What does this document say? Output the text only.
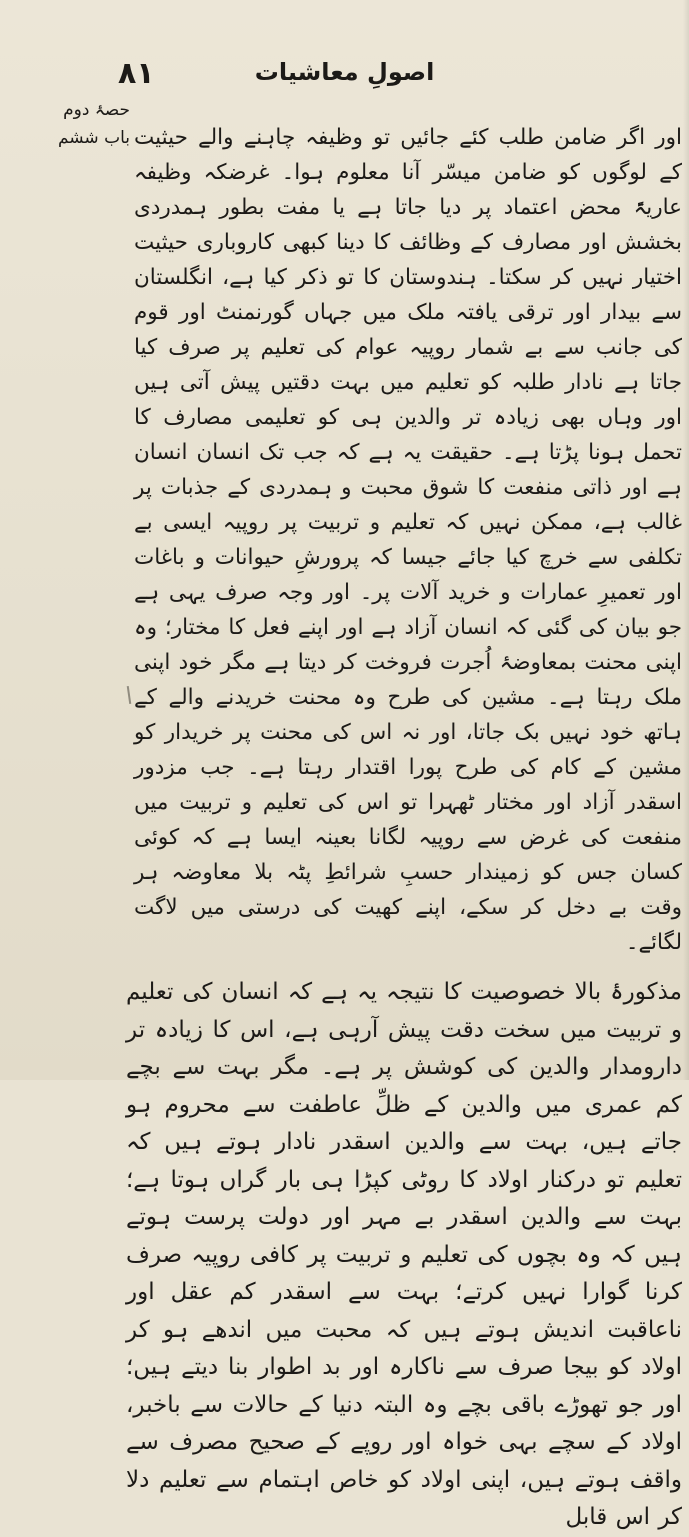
۸۱	اصولِ معاشیات
حصۂ دوم
باب ششم اور اگر ضامن طلب کئے جائیں تو وظیفہ چاہنے والے حیثیت کے لوگوں کو ضامن میسّر آنا معلوم ہوا۔ غرضکہ وظیفہ عاریۃً محض اعتماد پر دیا جاتا ہے یا مفت بطور ہمدردی بخشش اور مصارف کے وظائف کا دینا کبھی کاروباری حیثیت اختیار نہیں کر سکتا۔ ہندوستان کا تو ذکر کیا ہے، انگلستان سے بیدار اور ترقی یافتہ ملک میں جہاں گورنمنٹ اور قوم کی جانب سے بے شمار روپیہ عوام کی تعلیم پر صرف کیا جاتا ہے نادار طلبہ کو تعلیم میں بہت دقتیں پیش آتی ہیں اور وہاں بھی زیادہ تر والدین ہی کو تعلیمی مصارف کا تحمل ہونا پڑتا ہے۔ حقیقت یہ ہے کہ جب تک انسان انسان ہے اور ذاتی منفعت کا شوق محبت و ہمدردی کے جذبات پر غالب ہے، ممکن نہیں کہ تعلیم و تربیت پر روپیہ ایسی بے تکلفی سے خرچ کیا جائے جیسا کہ پرورشِ حیوانات و باغات اور تعمیرِ عمارات و خرید آلات پر۔ اور وجہ صرف یہی ہے جو بیان کی گئی کہ انسان آزاد ہے اور اپنے فعل کا مختار؛ وہ اپنی محنت بمعاوضۂ اُجرت فروخت کر دیتا ہے مگر خود اپنی ملک رہتا ہے۔ مشین کی طرح وہ محنت خریدنے والے کے ہاتھ خود نہیں بک جاتا، اور نہ اس کی محنت پر خریدار کو مشین کے کام کی طرح پورا اقتدار رہتا ہے۔ جب مزدور اسقدر آزاد اور مختار ٹھہرا تو اس کی تعلیم و تربیت میں منفعت کی غرض سے روپیہ لگانا بعینہ ایسا ہے کہ کوئی کسان جس کو زمیندار حسبِ شرائطِ پٹہ بلا معاوضہ ہر وقت بے دخل کر سکے، اپنے کھیت کی درستی میں لاگت لگائے۔

مذکورۂ بالا خصوصیت کا نتیجہ یہ ہے کہ انسان کی تعلیم و تربیت میں سخت دقت پیش آرہی ہے، اس کا زیادہ تر دارومدار والدین کی کوشش پر ہے۔ مگر بہت سے بچے کم عمری میں والدین کے ظلِّ عاطفت سے محروم ہو جاتے ہیں، بہت سے والدین اسقدر نادار ہوتے ہیں کہ تعلیم تو درکنار اولاد کا روٹی کپڑا ہی بار گراں ہوتا ہے؛ بہت سے والدین اسقدر بے مہر اور دولت پرست ہوتے ہیں کہ وہ بچوں کی تعلیم و تربیت پر کافی روپیہ صرف کرنا گوارا نہیں کرتے؛ بہت سے اسقدر کم عقل اور ناعاقبت اندیش ہوتے ہیں کہ محبت میں اندھے ہو کر اولاد کو بیجا صرف سے ناکارہ اور بد اطوار بنا دیتے ہیں؛ اور جو تھوڑے باقی بچے وہ البتہ دنیا کے حالات سے باخبر، اولاد کے سچے بہی خواہ اور روپے کے صحیح مصرف سے واقف ہوتے ہیں، اپنی اولاد کو خاص اہتمام سے تعلیم دلا کر اس قابل
